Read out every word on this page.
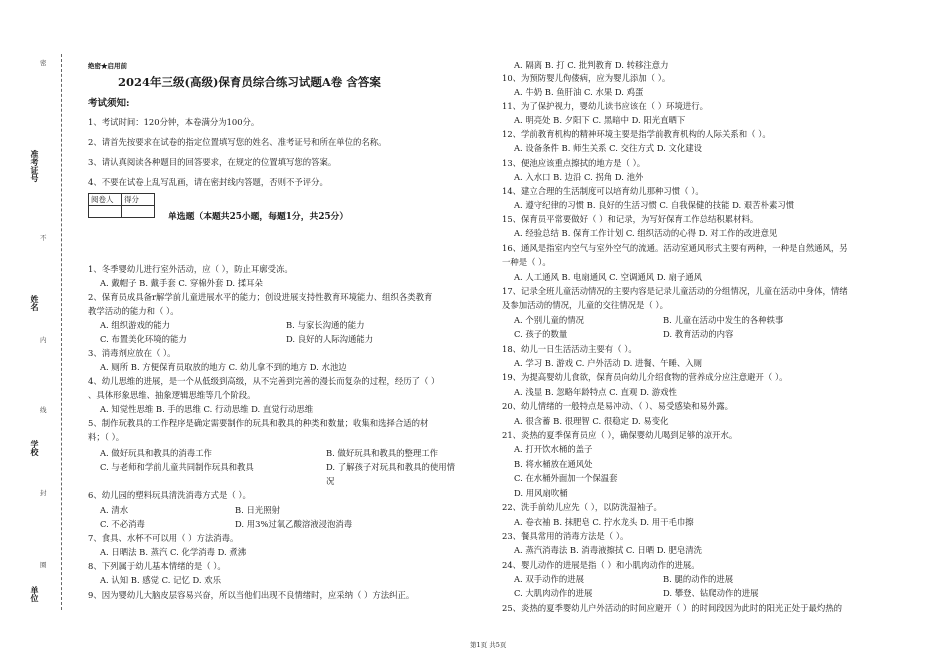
准考证号
姓名
学校
单位
密
不
内
线
封
圈
绝密★启用前
2024年三级(高级)保育员综合练习试题A卷 含答案
考试须知:
1、考试时间：120分钟，本卷满分为100分。
2、请首先按要求在试卷的指定位置填写您的姓名、准考证号和所在单位的名称。
3、请认真阅读各种题目的回答要求，在规定的位置填写您的答案。
4、不要在试卷上乱写乱画，请在密封线内答题，否则不予评分。
阅卷人	得分

单选题（本题共25小题，每题1分，共25分）
1、冬季婴幼儿进行室外活动，应（ ），防止耳廓受冻。
A. 戴帽子 B. 戴手套 C. 穿棉外套 D. 揉耳朵
2、保育员成具备r解学前儿童进展水平的能力；创设进展支持性教育环境能力、组织各类教育
教学活动的能力和（ ）。
A. 组织游戏的能力	B. 与家长沟通的能力
C. 布置美化环境的能力	D. 良好的人际沟通能力
3、消毒剂应放在（ ）。
A. 厕所 B. 方便保育员取放的地方 C. 幼儿拿不到的地方 D. 水池边
4、幼儿思维的进展，是一个从低级到高级，从不完善到完善的漫长而复杂的过程，经历了（ ）
、具体形象思维、抽象逻辑思维等几个阶段。
A. 知觉性思维 B. 手的思维 C. 行动思维 D. 直觉行动思维
5、制作玩教具的工作程序是确定需要制作的玩具和教具的种类和数量；收集和选择合适的材
料；（ ）。
A. 做好玩具和教具的消毒工作	B. 做好玩具和教具的整理工作
C. 与老师和学前儿童共同制作玩具和教具	D. 了解孩子对玩具和教具的使用情
况
6、幼儿园的塑料玩具清洗消毒方式是（ ）。
A. 清水	B. 日光照射
C. 不必消毒	D. 用3%过氧乙酸溶液浸泡消毒
7、食具、水杯不可以用（ ）方法消毒。
A. 日晒法 B. 蒸汽 C. 化学消毒 D. 煮沸
8、下列属于幼儿基本情绪的是（ ）。
A. 认知 B. 感觉 C. 记忆 D. 欢乐
9、因为婴幼儿大脑皮层容易兴奋，所以当他们出现不良情绪时，应采纳（ ）方法纠正。
A. 隔离 B. 打 C. 批判教育 D. 转移注意力
10、为预防婴儿佝偻病，应为婴儿添加（ ）。
A. 牛奶 B. 鱼肝油 C. 水果 D. 鸡蛋
11、为了保护视力，婴幼儿读书应该在（ ）环境进行。
A. 明亮处 B. 夕阳下 C. 黑暗中 D. 阳光直晒下
12、学前教育机构的精神环境主要是指学前教育机构的人际关系和（ ）。
A. 设备条件 B. 师生关系 C. 交往方式 D. 文化建设
13、便池应该重点擦拭的地方是（ ）。
A. 入水口 B. 边沿 C. 拐角 D. 池外
14、建立合理的生活制度可以培育幼儿那种习惯（ ）。
A. 遵守纪律的习惯 B. 良好的生活习惯 C. 自我保健的技能 D. 艰苦朴素习惯
15、保育员平常要做好（ ）和记录，为写好保育工作总结积累材料。
A. 经验总结 B. 保育工作计划 C. 组织活动的心得 D. 对工作的改进意见
16、通风是指室内空气与室外空气的流通。活动室通风形式主要有两种，一种是自然通风，另
一种是（ ）。
A. 人工通风 B. 电扇通风 C. 空调通风 D. 扇子通风
17、记录全班儿童活动情况的主要内容是记录儿童活动的分组情况，儿童在活动中身体，情绪
及参加活动的情况，儿童的交往情况是（ ）。
A. 个别儿童的情况	B. 儿童在活动中发生的各种轶事
C. 孩子的数量	D. 教育活动的内容
18、幼儿一日生活活动主要有（ ）。
A. 学习 B. 游戏 C. 户外活动 D. 进餐、午睡、入厕
19、为提高婴幼儿食欲，保育员向幼儿介绍食物的营养成分应注意避开（ ）。
A. 浅显 B. 忽略年龄特点 C. 直观 D. 游戏性
20、幼儿情绪的一般特点是易冲动、（ ）、易受感染和易外露。
A. 很含蓄 B. 很理智 C. 很稳定 D. 易变化
21、炎热的夏季保育员应（ ），确保婴幼儿喝到足够的凉开水。
A. 打开饮水桶的盖子
B. 将水桶放在通风处
C. 在水桶外面加一个保温套
D. 用风扇吹桶
22、洗手前幼儿应先（ ），以防洗湿袖子。
A. 卷衣袖 B. 抹肥皂 C. 拧水龙头 D. 用干毛巾擦
23、餐具常用的消毒方法是（ ）。
A. 蒸汽消毒法 B. 消毒液擦拭 C. 日晒 D. 肥皂清洗
24、婴儿动作的进展是指（ ）和小肌肉动作的进展。
A. 双手动作的进展	B. 腿的动作的进展
C. 大肌肉动作的进展	D. 攀登、钻爬动作的进展
25、炎热的夏季婴幼儿户外活动的时间应避开（ ）的时间段因为此时的阳光正处于最灼热的
第1页 共5页
